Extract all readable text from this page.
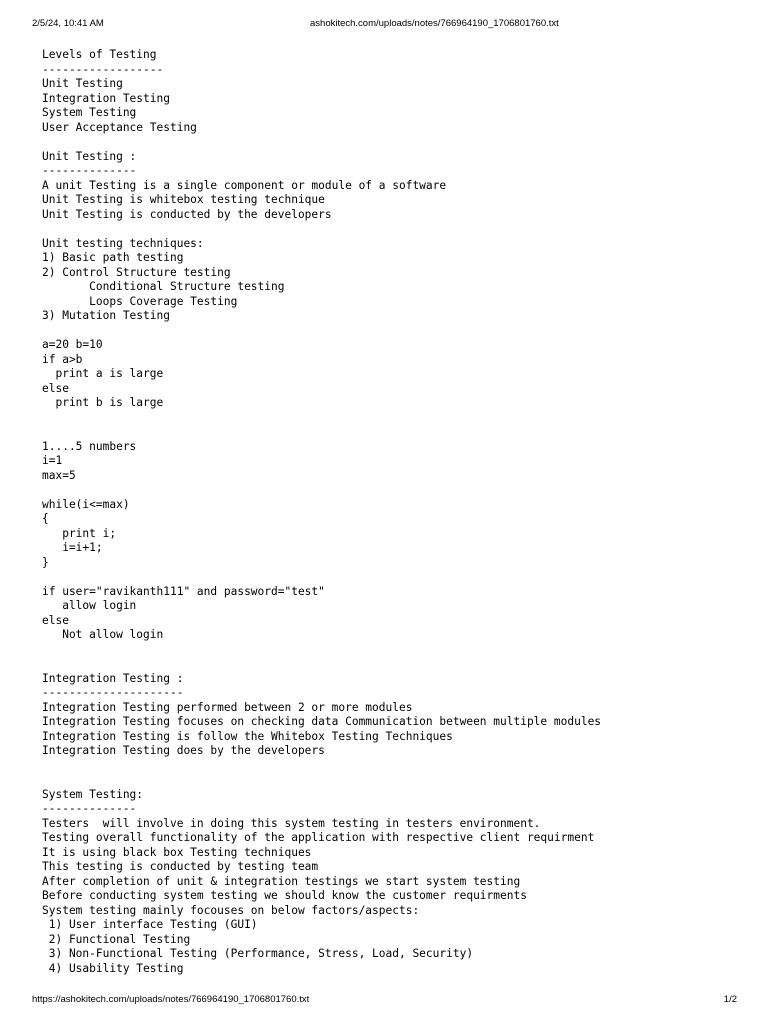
2/5/24, 10:41 AM	ashokitech.com/uploads/notes/766964190_1706801760.txt
Levels of Testing
------------------
Unit Testing
Integration Testing
System Testing
User Acceptance Testing
Unit Testing :
--------------
A unit Testing is a single component or module of a software
Unit Testing is whitebox testing technique
Unit Testing is conducted by the developers
Unit testing techniques:
1) Basic path testing
2) Control Structure testing
Conditional Structure testing
Loops Coverage Testing
3) Mutation Testing
a=20 b=10
if a>b
print a is large
else
print b is large
1....5 numbers
i=1
max=5
while(i<=max)
{
print i;
i=i+1;
}
if user="ravikanth111" and password="test"
allow login
else
Not allow login
Integration Testing :
---------------------
Integration Testing performed between 2 or more modules
Integration Testing focuses on checking data Communication between multiple modules
Integration Testing is follow the Whitebox Testing Techniques
Integration Testing does by the developers
System Testing:
--------------
Testers  will involve in doing this system testing in testers environment.
Testing overall functionality of the application with respective client requirment
It is using black box Testing techniques
This testing is conducted by testing team
After completion of unit & integration testings we start system testing
Before conducting system testing we should know the customer requirments
System testing mainly focouses on below factors/aspects:
1) User interface Testing (GUI)
2) Functional Testing
3) Non-Functional Testing (Performance, Stress, Load, Security)
4) Usability Testing
https://ashokitech.com/uploads/notes/766964190_1706801760.txt	1/2
